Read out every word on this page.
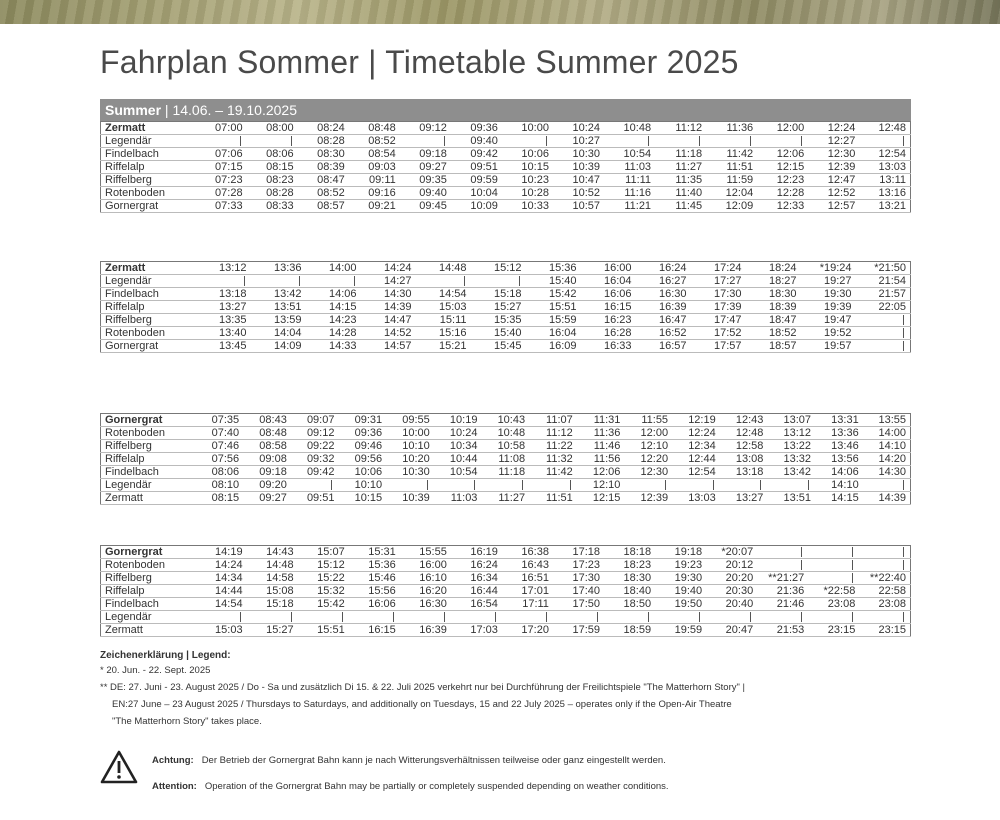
Fahrplan Sommer | Timetable Summer 2025
Summer | 14.06. – 19.10.2025
Zermatt	07:00	08:00	08:24	08:48	09:12	09:36	10:00	10:24	10:48	11:12	11:36	12:00	12:24	12:48
Legendär			08:28	08:52		09:40		10:27					12:27	
Findelbach	07:06	08:06	08:30	08:54	09:18	09:42	10:06	10:30	10:54	11:18	11:42	12:06	12:30	12:54
Riffelalp	07:15	08:15	08:39	09:03	09:27	09:51	10:15	10:39	11:03	11:27	11:51	12:15	12:39	13:03
Riffelberg	07:23	08:23	08:47	09:11	09:35	09:59	10:23	10:47	11:11	11:35	11:59	12:23	12:47	13:11
Rotenboden	07:28	08:28	08:52	09:16	09:40	10:04	10:28	10:52	11:16	11:40	12:04	12:28	12:52	13:16
Gornergrat	07:33	08:33	08:57	09:21	09:45	10:09	10:33	10:57	11:21	11:45	12:09	12:33	12:57	13:21
Zermatt	13:12	13:36	14:00	14:24	14:48	15:12	15:36	16:00	16:24	17:24	18:24	*19:24	*21:50
Legendär				14:27			15:40	16:04	16:27	17:27	18:27	19:27	21:54
Findelbach	13:18	13:42	14:06	14:30	14:54	15:18	15:42	16:06	16:30	17:30	18:30	19:30	21:57
Riffelalp	13:27	13:51	14:15	14:39	15:03	15:27	15:51	16:15	16:39	17:39	18:39	19:39	22:05
Riffelberg	13:35	13:59	14:23	14:47	15:11	15:35	15:59	16:23	16:47	17:47	18:47	19:47	
Rotenboden	13:40	14:04	14:28	14:52	15:16	15:40	16:04	16:28	16:52	17:52	18:52	19:52	
Gornergrat	13:45	14:09	14:33	14:57	15:21	15:45	16:09	16:33	16:57	17:57	18:57	19:57	
Gornergrat	07:35	08:43	09:07	09:31	09:55	10:19	10:43	11:07	11:31	11:55	12:19	12:43	13:07	13:31	13:55
Rotenboden	07:40	08:48	09:12	09:36	10:00	10:24	10:48	11:12	11:36	12:00	12:24	12:48	13:12	13:36	14:00
Riffelberg	07:46	08:58	09:22	09:46	10:10	10:34	10:58	11:22	11:46	12:10	12:34	12:58	13:22	13:46	14:10
Riffelalp	07:56	09:08	09:32	09:56	10:20	10:44	11:08	11:32	11:56	12:20	12:44	13:08	13:32	13:56	14:20
Findelbach	08:06	09:18	09:42	10:06	10:30	10:54	11:18	11:42	12:06	12:30	12:54	13:18	13:42	14:06	14:30
Legendär	08:10	09:20		10:10					12:10					14:10	
Zermatt	08:15	09:27	09:51	10:15	10:39	11:03	11:27	11:51	12:15	12:39	13:03	13:27	13:51	14:15	14:39
Gornergrat	14:19	14:43	15:07	15:31	15:55	16:19	16:38	17:18	18:18	19:18	*20:07			
Rotenboden	14:24	14:48	15:12	15:36	16:00	16:24	16:43	17:23	18:23	19:23	20:12			
Riffelberg	14:34	14:58	15:22	15:46	16:10	16:34	16:51	17:30	18:30	19:30	20:20	**21:27		**22:40
Riffelalp	14:44	15:08	15:32	15:56	16:20	16:44	17:01	17:40	18:40	19:40	20:30	21:36	*22:58	22:58
Findelbach	14:54	15:18	15:42	16:06	16:30	16:54	17:11	17:50	18:50	19:50	20:40	21:46	23:08	23:08
Legendär														
Zermatt	15:03	15:27	15:51	16:15	16:39	17:03	17:20	17:59	18:59	19:59	20:47	21:53	23:15	23:15
Zeichenerklärung | Legend:

* 20. Jun. - 22. Sept. 2025

** DE: 27. Juni - 23. August 2025 / Do - Sa und zusätzlich Di 15. & 22. Juli 2025 verkehrt nur bei Durchführung der Freilichtspiele "The Matterhorn Story" |

EN:27 June – 23 August 2025 / Thursdays to Saturdays, and additionally on Tuesdays, 15 and 22 July 2025 – operates only if the Open-Air Theatre

"The Matterhorn Story" takes place.

Achtung: Der Betrieb der Gornergrat Bahn kann je nach Witterungsverhältnissen teilweise oder ganz eingestellt werden.
Attention: Operation of the Gornergrat Bahn may be partially or completely suspended depending on weather conditions.
